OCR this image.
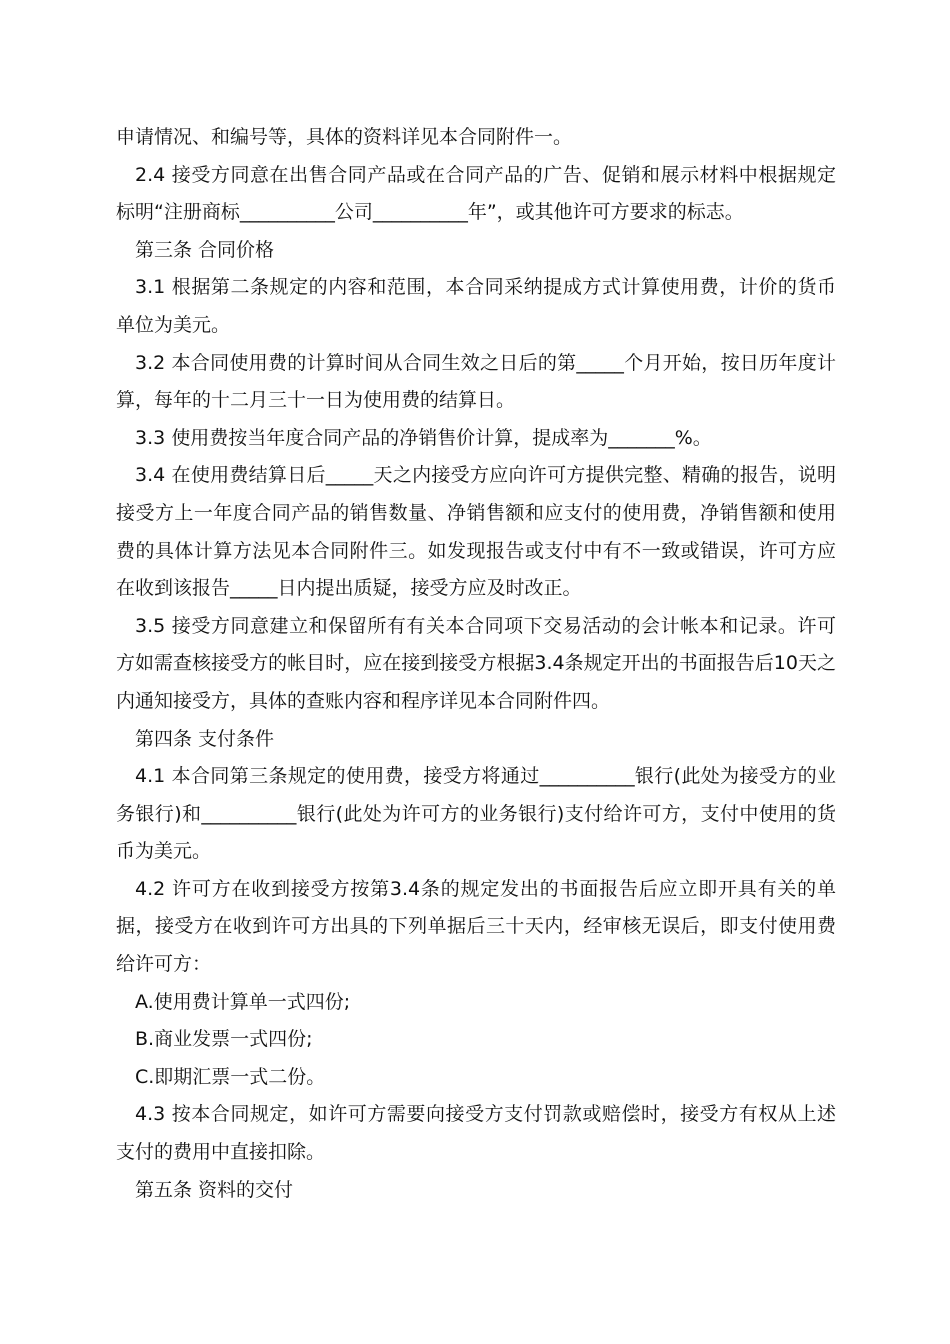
申请情况、和编号等，具体的资料详见本合同附件一。

2.4 接受方同意在出售合同产品或在合同产品的广告、促销和展示材料中根据规定标明“注册商标__________公司__________年”，或其他许可方要求的标志。

第三条 合同价格

3.1 根据第二条规定的内容和范围，本合同采纳提成方式计算使用费，计价的货币单位为美元。

3.2 本合同使用费的计算时间从合同生效之日后的第_____个月开始，按日历年度计算，每年的十二月三十一日为使用费的结算日。

3.3 使用费按当年度合同产品的净销售价计算，提成率为_______%。

3.4 在使用费结算日后_____天之内接受方应向许可方提供完整、精确的报告，说明接受方上一年度合同产品的销售数量、净销售额和应支付的使用费，净销售额和使用费的具体计算方法见本合同附件三。如发现报告或支付中有不一致或错误，许可方应在收到该报告_____日内提出质疑，接受方应及时改正。

3.5 接受方同意建立和保留所有有关本合同项下交易活动的会计帐本和记录。许可方如需查核接受方的帐目时，应在接到接受方根据3.4条规定开出的书面报告后10天之内通知接受方，具体的查账内容和程序详见本合同附件四。

第四条 支付条件

4.1 本合同第三条规定的使用费，接受方将通过__________银行(此处为接受方的业务银行)和__________银行(此处为许可方的业务银行)支付给许可方，支付中使用的货币为美元。

4.2 许可方在收到接受方按第3.4条的规定发出的书面报告后应立即开具有关的单据，接受方在收到许可方出具的下列单据后三十天内，经审核无误后，即支付使用费给许可方：

A.使用费计算单一式四份;

B.商业发票一式四份;

C.即期汇票一式二份。

4.3 按本合同规定，如许可方需要向接受方支付罚款或赔偿时，接受方有权从上述支付的费用中直接扣除。

第五条 资料的交付
